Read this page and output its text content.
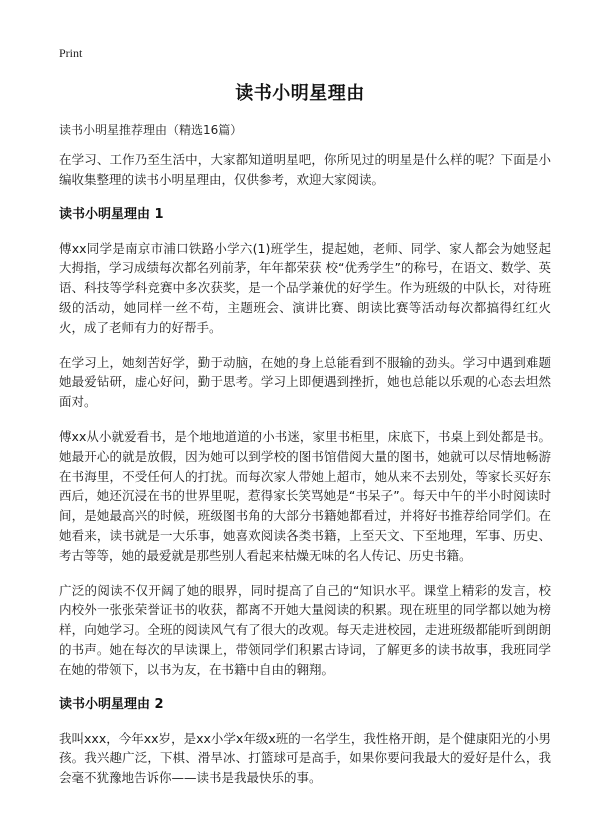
Print
读书小明星理由
读书小明星推荐理由（精选16篇）

在学习、工作乃至生活中，大家都知道明星吧，你所见过的明星是什么样的呢？下面是小编收集整理的读书小明星理由，仅供参考，欢迎大家阅读。

读书小明星理由 1

傅xx同学是南京市浦口铁路小学六(1)班学生，提起她，老师、同学、家人都会为她竖起大拇指，学习成绩每次都名列前茅，年年都荣获 校“优秀学生”的称号，在语文、数学、英语、科技等学科竞赛中多次获奖，是一个品学兼优的好学生。作为班级的中队长，对待班级的活动，她同样一丝不苟，主题班会、演讲比赛、朗读比赛等活动每次都搞得红红火火，成了老师有力的好帮手。

在学习上，她刻苦好学，勤于动脑，在她的身上总能看到不服输的劲头。学习中遇到难题她最爱钻研，虚心好问，勤于思考。学习上即便遇到挫折，她也总能以乐观的心态去坦然面对。

傅xx从小就爱看书，是个地地道道的小书迷，家里书柜里，床底下，书桌上到处都是书。她最开心的就是放假，因为她可以到学校的图书馆借阅大量的图书，她就可以尽情地畅游在书海里，不受任何人的打扰。而每次家人带她上超市，她从来不去别处，等家长买好东西后，她还沉浸在书的世界里呢，惹得家长笑骂她是“书呆子”。每天中午的半小时阅读时间，是她最高兴的时候，班级图书角的大部分书籍她都看过，并将好书推荐给同学们。在她看来，读书就是一大乐事，她喜欢阅读各类书籍，上至天文、下至地理，军事、历史、考古等等，她的最爱就是那些别人看起来枯燥无味的名人传记、历史书籍。

广泛的阅读不仅开阔了她的眼界，同时提高了自己的“知识水平。课堂上精彩的发言，校内校外一张张荣誉证书的收获，都离不开她大量阅读的积累。现在班里的同学都以她为榜样，向她学习。全班的阅读风气有了很大的改观。每天走进校园，走进班级都能听到朗朗的书声。她在每次的早读课上，带领同学们积累古诗词，了解更多的读书故事，我班同学在她的带领下，以书为友，在书籍中自由的翱翔。

读书小明星理由 2

我叫xxx，今年xx岁，是xx小学x年级x班的一名学生，我性格开朗，是个健康阳光的小男孩。我兴趣广泛，下棋、滑旱冰、打篮球可是高手，如果你要问我最大的爱好是什么，我会毫不犹豫地告诉你——读书是我最快乐的事。
